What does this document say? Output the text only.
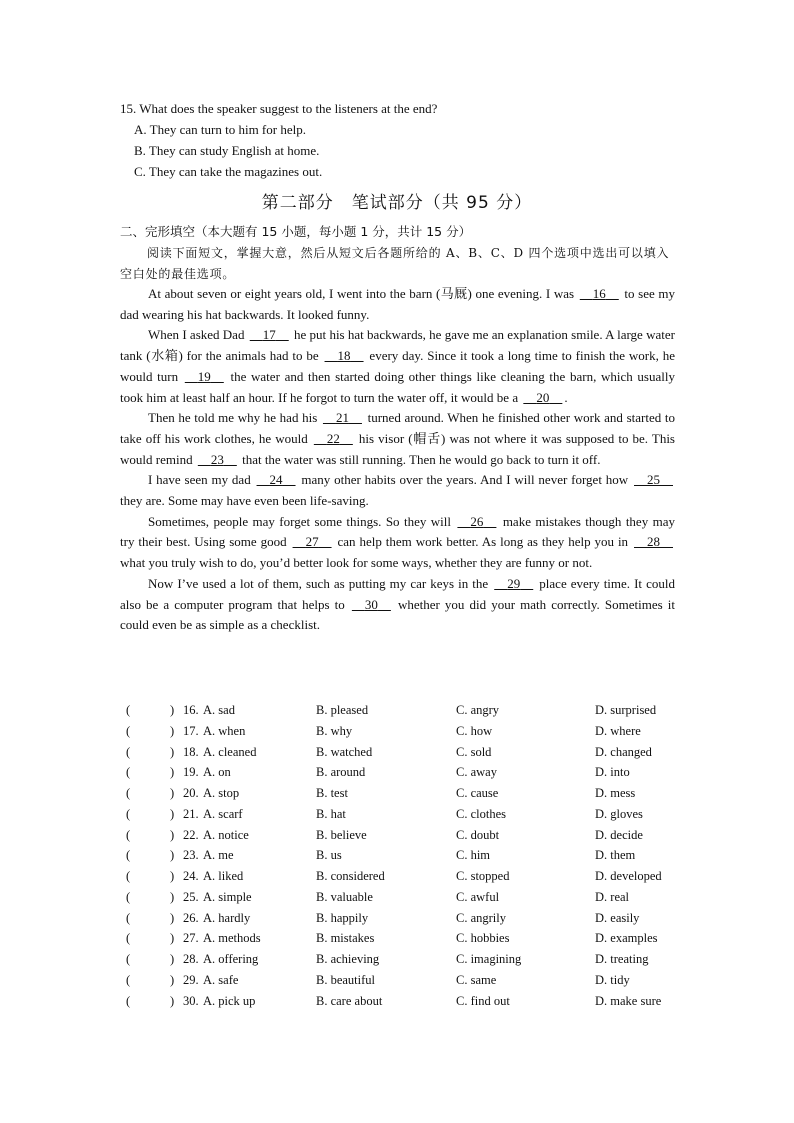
15. What does the speaker suggest to the listeners at the end?
A. They can turn to him for help.
B. They can study English at home.
C. They can take the magazines out.
第二部分　笔试部分（共 95 分）
二、完形填空（本大题有 15 小题，每小题 1 分，共计 15 分）
阅读下面短文，掌握大意，然后从短文后各题所给的 A、B、C、D 四个选项中选出可以填入空白处的最佳选项。

At about seven or eight years old, I went into the barn (马厩) one evening. I was 16 to see my dad wearing his hat backwards. It looked funny.

When I asked Dad 17 he put his hat backwards, he gave me an explanation smile. A large water tank (水箱) for the animals had to be 18 every day. Since it took a long time to finish the work, he would turn 19 the water and then started doing other things like cleaning the barn, which usually took him at least half an hour. If he forgot to turn the water off, it would be a 20 .

Then he told me why he had his 21 turned around. When he finished other work and started to take off his work clothes, he would 22 his visor (帽舌) was not where it was supposed to be. This would remind 23 that the water was still running. Then he would go back to turn it off.

I have seen my dad 24 many other habits over the years. And I will never forget how 25 they are. Some may have even been life-saving.

Sometimes, people may forget some things. So they will 26 make mistakes though they may try their best. Using some good 27 can help them work better. As long as they help you in 28 what you truly wish to do, you’d better look for some ways, whether they are funny or not.

Now I’ve used a lot of them, such as putting my car keys in the 29 place every time. It could also be a computer program that helps to 30 whether you did your math correctly. Sometimes it could even be as simple as a checklist.

(	) 16. A. sad	B. pleased	C. angry	D. surprised
(	) 17. A. when	B. why	C. how	D. where
(	) 18. A. cleaned	B. watched	C. sold	D. changed
(	) 19. A. on	B. around	C. away	D. into
(	) 20. A. stop	B. test	C. cause	D. mess
(	) 21. A. scarf	B. hat	C. clothes	D. gloves
(	) 22. A. notice	B. believe	C. doubt	D. decide
(	) 23. A. me	B. us	C. him	D. them
(	) 24. A. liked	B. considered	C. stopped	D. developed
(	) 25. A. simple	B. valuable	C. awful	D. real
(	) 26. A. hardly	B. happily	C. angrily	D. easily
(	) 27. A. methods	B. mistakes	C. hobbies	D. examples
(	) 28. A. offering	B. achieving	C. imagining	D. treating
(	) 29. A. safe	B. beautiful	C. same	D. tidy
(	) 30. A. pick up	B. care about	C. find out	D. make sure
